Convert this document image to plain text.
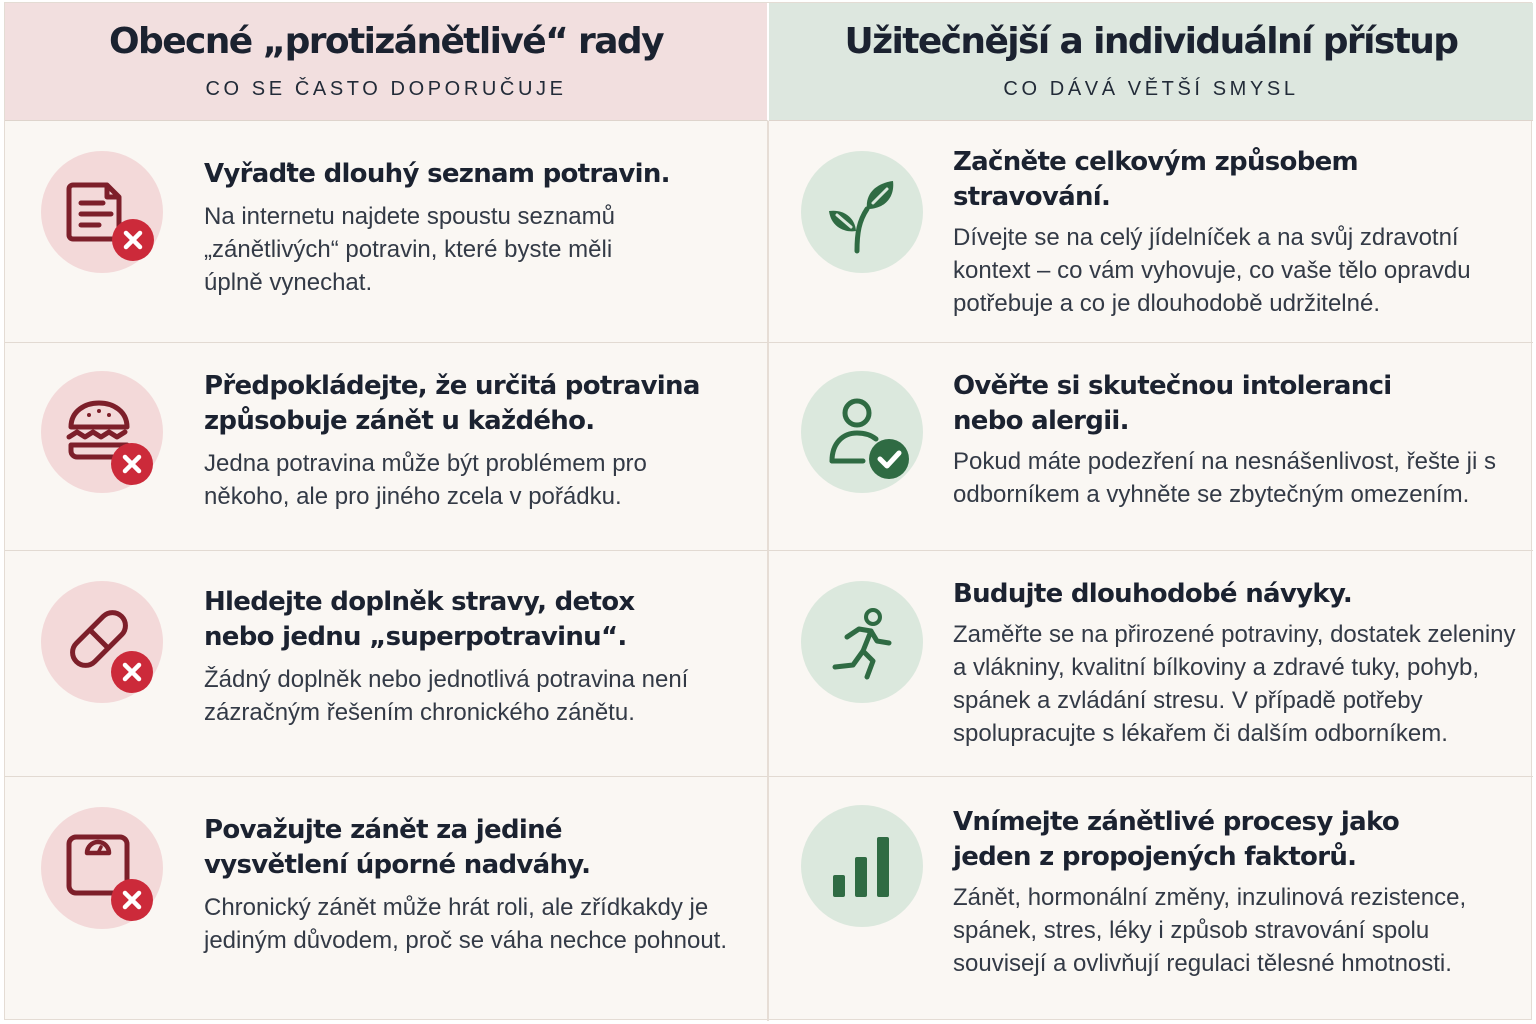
Obecné „protizánětlivé“ rady
CO SE ČASTO DOPORUČUJE
Užitečnější a individuální přístup
CO DÁVÁ VĚTŠÍ SMYSL
Vyřaďte dlouhý seznam potravin.
Na internetu najdete spoustu seznamů „zánětlivých“ potravin, které byste měli úplně vynechat.
Začněte celkovým způsobem stravování.
Dívejte se na celý jídelníček a na svůj zdravotní kontext – co vám vyhovuje, co vaše tělo opravdu potřebuje a co je dlouhodobě udržitelné.
Předpokládejte, že určitá potravina způsobuje zánět u každého.
Jedna potravina může být problémem pro někoho, ale pro jiného zcela v pořádku.
Ověřte si skutečnou intoleranci nebo alergii.
Pokud máte podezření na nesnášenlivost, řešte ji s odborníkem a vyhněte se zbytečným omezením.
Hledejte doplněk stravy, detox nebo jednu „superpotravinu“.
Žádný doplněk nebo jednotlivá potravina není zázračným řešením chronického zánětu.
Budujte dlouhodobé návyky.
Zaměřte se na přirozené potraviny, dostatek zeleniny a vlákniny, kvalitní bílkoviny a zdravé tuky, pohyb, spánek a zvládání stresu. V případě potřeby spolupracujte s lékařem či dalším odborníkem.
Považujte zánět za jediné vysvětlení úporné nadváhy.
Chronický zánět může hrát roli, ale zřídkakdy je jediným důvodem, proč se váha nechce pohnout.
Vnímejte zánětlivé procesy jako jeden z propojených faktorů.
Zánět, hormonální změny, inzulinová rezistence, spánek, stres, léky i způsob stravování spolu souvisejí a ovlivňují regulaci tělesné hmotnosti.
